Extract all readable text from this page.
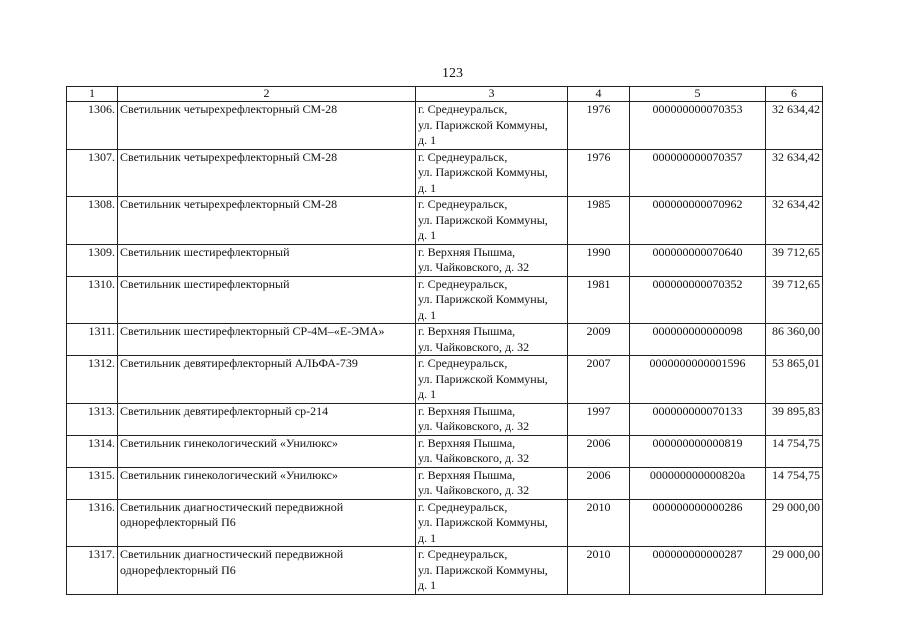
123
1	2	3	4	5	6
1306.	Светильник четырехрефлекторный СМ-28	г. Среднеуральск,
ул. Парижской Коммуны,
д. 1	1976	000000000070353	32 634,42
1307.	Светильник четырехрефлекторный СМ-28	г. Среднеуральск,
ул. Парижской Коммуны,
д. 1	1976	000000000070357	32 634,42
1308.	Светильник четырехрефлекторный СМ-28	г. Среднеуральск,
ул. Парижской Коммуны,
д. 1	1985	000000000070962	32 634,42
1309.	Светильник шестирефлекторный	г. Верхняя Пышма,
ул. Чайковского, д. 32	1990	000000000070640	39 712,65
1310.	Светильник шестирефлекторный	г. Среднеуральск,
ул. Парижской Коммуны,
д. 1	1981	000000000070352	39 712,65
1311.	Светильник шестирефлекторный СР-4М–«Е-ЭМА»	г. Верхняя Пышма,
ул. Чайковского, д. 32	2009	000000000000098	86 360,00
1312.	Светильник девятирефлекторный АЛЬФА-739	г. Среднеуральск,
ул. Парижской Коммуны,
д. 1	2007	0000000000001596	53 865,01
1313.	Светильник девятирефлекторный ср-214	г. Верхняя Пышма,
ул. Чайковского, д. 32	1997	000000000070133	39 895,83
1314.	Светильник гинекологический «Унилюкс»	г. Верхняя Пышма,
ул. Чайковского, д. 32	2006	000000000000819	14 754,75
1315.	Светильник гинекологический «Унилюкс»	г. Верхняя Пышма,
ул. Чайковского, д. 32	2006	000000000000820а	14 754,75
1316.	Светильник диагностический передвижной
однорефлекторный П6	г. Среднеуральск,
ул. Парижской Коммуны,
д. 1	2010	000000000000286	29 000,00
1317.	Светильник диагностический передвижной
однорефлекторный П6	г. Среднеуральск,
ул. Парижской Коммуны,
д. 1	2010	000000000000287	29 000,00
